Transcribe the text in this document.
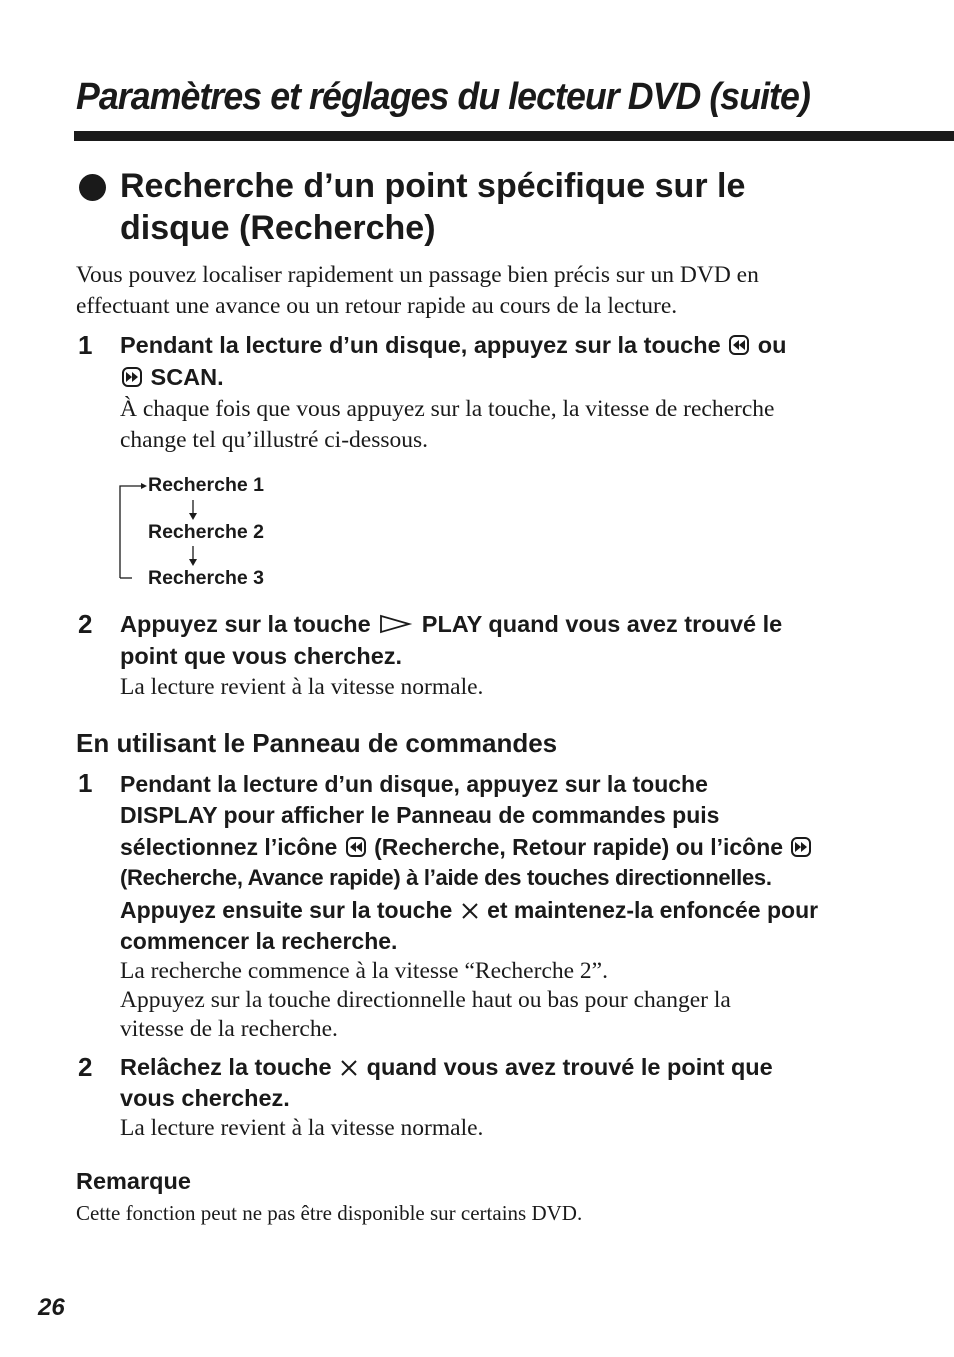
Paramètres et réglages du lecteur DVD (suite)
Recherche d’un point spécifique sur le
disque (Recherche)
Vous pouvez localiser rapidement un passage bien précis sur un DVD en
effectuant une avance ou un retour rapide au cours de la lecture.
1 Pendant la lecture d’un disque, appuyez sur la touche ou
SCAN.
À chaque fois que vous appuyez sur la touche, la vitesse de recherche
change tel qu’illustré ci-dessous.
Recherche 1
Recherche 2
Recherche 3
2 Appuyez sur la touche PLAY quand vous avez trouvé le
point que vous cherchez.
La lecture revient à la vitesse normale.
En utilisant le Panneau de commandes
1 Pendant la lecture d’un disque, appuyez sur la touche
DISPLAY pour afficher le Panneau de commandes puis
sélectionnez l’icône (Recherche, Retour rapide) ou l’icône
(Recherche, Avance rapide) à l’aide des touches directionnelles.
Appuyez ensuite sur la touche et maintenez-la enfoncée pour
commencer la recherche.
La recherche commence à la vitesse “Recherche 2”.
Appuyez sur la touche directionnelle haut ou bas pour changer la
vitesse de la recherche.
2 Relâchez la touche quand vous avez trouvé le point que
vous cherchez.
La lecture revient à la vitesse normale.
Remarque
Cette fonction peut ne pas être disponible sur certains DVD.
26
